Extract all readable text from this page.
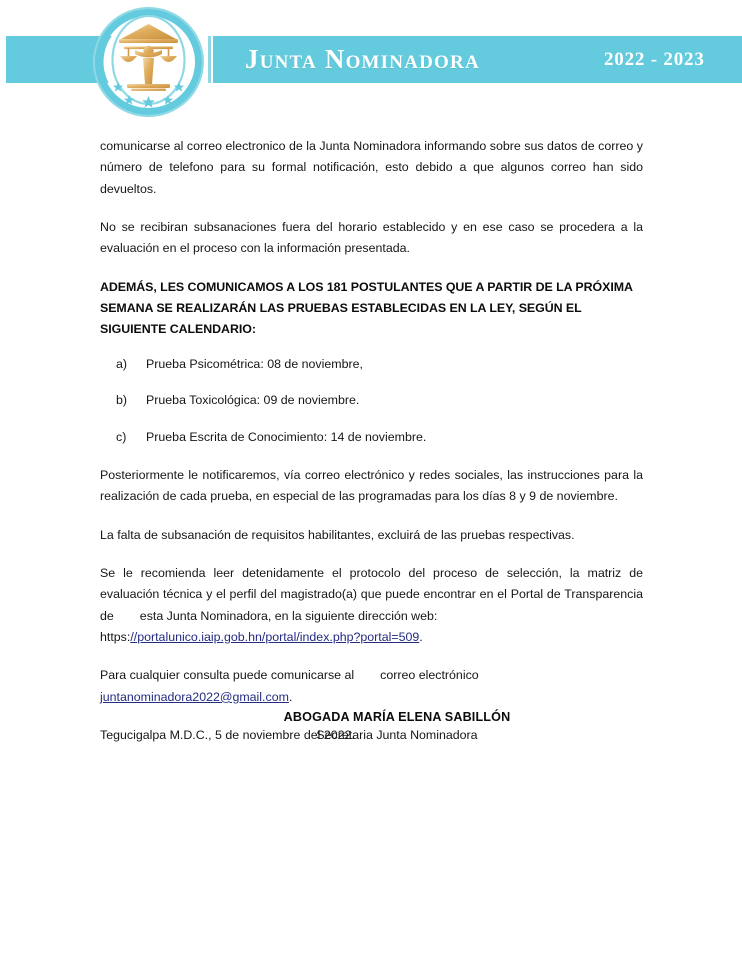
Junta Nominadora	2022 - 2023

comunicarse al correo electronico de la Junta Nominadora informando sobre sus datos de correo y número de telefono para su formal notificación, esto debido a que algunos correo han sido devueltos.

No se recibiran subsanaciones fuera del horario establecido y en ese caso se procedera a la evaluación en el proceso con la información presentada.

ADEMÁS, LES COMUNICAMOS A LOS 181 POSTULANTES QUE A PARTIR DE LA PRÓXIMA SEMANA SE REALIZARÁN LAS PRUEBAS ESTABLECIDAS EN LA LEY, SEGÚN EL SIGUIENTE CALENDARIO:

a)	Prueba Psicométrica: 08 de noviembre,
b)	Prueba Toxicológica: 09 de noviembre.
c)	Prueba Escrita de Conocimiento: 14 de noviembre.

Posteriormente le notificaremos, vía correo electrónico y redes sociales, las instrucciones para la realización de cada prueba, en especial de las programadas para los días 8 y 9 de noviembre.

La falta de subsanación de requisitos habilitantes, excluirá de las pruebas respectivas.

Se le recomienda leer detenidamente el protocolo del proceso de selección, la matriz de evaluación técnica y el perfil del magistrado(a) que puede encontrar en el Portal de Transparencia de esta Junta Nominadora, en la siguiente dirección web:
https://portalunico.iaip.gob.hn/portal/index.php?portal=509.

Para cualquier consulta puede comunicarse al correo electrónico
juntanominadora2022@gmail.com.

Tegucigalpa M.D.C., 5 de noviembre del 2022.

ABOGADA MARÍA ELENA SABILLÓN

Secretaria Junta Nominadora
